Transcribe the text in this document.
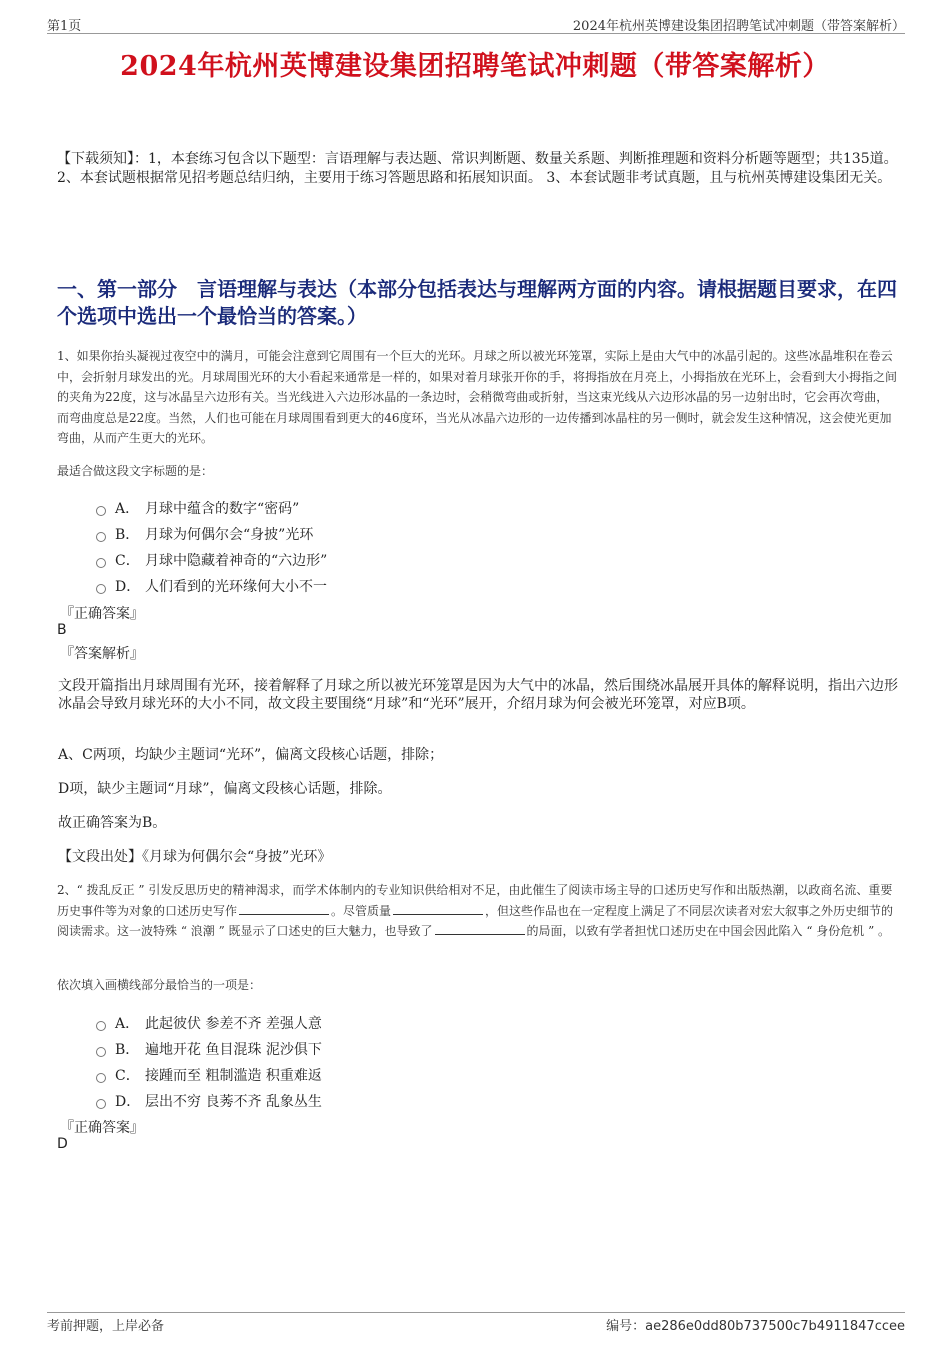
第1页	2024年杭州英博建设集团招聘笔试冲刺题（带答案解析）
2024年杭州英博建设集团招聘笔试冲刺题（带答案解析）

【下载须知】：1，本套练习包含以下题型：言语理解与表达题、常识判断题、数量关系题、判断推理题和资料分析题等题型；共135道。 2、本套试题根据常见招考题总结归纳，主要用于练习答题思路和拓展知识面。 3、本套试题非考试真题，且与杭州英博建设集团无关。

一、第一部分　言语理解与表达（本部分包括表达与理解两方面的内容。请根据题目要求，在四个选项中选出一个最恰当的答案。）

1、如果你抬头凝视过夜空中的满月，可能会注意到它周围有一个巨大的光环。月球之所以被光环笼罩，实际上是由大气中的冰晶引起的。这些冰晶堆积在卷云中，会折射月球发出的光。月球周围光环的大小看起来通常是一样的，如果对着月球张开你的手，将拇指放在月亮上，小拇指放在光环上，会看到大小拇指之间的夹角为22度，这与冰晶呈六边形有关。当光线进入六边形冰晶的一条边时，会稍微弯曲或折射，当这束光线从六边形冰晶的另一边射出时，它会再次弯曲，而弯曲度总是22度。当然，人们也可能在月球周围看到更大的46度环，当光从冰晶六边形的一边传播到冰晶柱的另一侧时，就会发生这种情况，这会使光更加弯曲，从而产生更大的光环。

最适合做这段文字标题的是：

A． 月球中蕴含的数字“密码”
B． 月球为何偶尔会“身披”光环
C． 月球中隐藏着神奇的“六边形”
D． 人们看到的光环缘何大小不一
『正确答案』
B
『答案解析』

文段开篇指出月球周围有光环，接着解释了月球之所以被光环笼罩是因为大气中的冰晶，然后围绕冰晶展开具体的解释说明，指出六边形冰晶会导致月球光环的大小不同，故文段主要围绕“月球”和“光环”展开，介绍月球为何会被光环笼罩，对应B项。

A、C两项，均缺少主题词“光环”，偏离文段核心话题，排除；

D项，缺少主题词“月球”，偏离文段核心话题，排除。

故正确答案为B。

【文段出处】《月球为何偶尔会“身披”光环》

2、“ 拨乱反正 ” 引发反思历史的精神渴求，而学术体制内的专业知识供给相对不足，由此催生了阅读市场主导的口述历史写作和出版热潮，以政商名流、重要历史事件等为对象的口述历史写作	。尽管质量	，但这些作品也在一定程度上满足了不同层次读者对宏大叙事之外历史细节的阅读需求。这一波特殊 “ 浪潮 ” 既显示了口述史的巨大魅力，也导致了	的局面，以致有学者担忧口述历史在中国会因此陷入 “ 身份危机 ” 。

依次填入画横线部分最恰当的一项是：

A． 此起彼伏 参差不齐 差强人意
B． 遍地开花 鱼目混珠 泥沙俱下
C． 接踵而至 粗制滥造 积重难返
D． 层出不穷 良莠不齐 乱象丛生
『正确答案』
D
考前押题，上岸必备	编号：ae286e0dd80b737500c7b4911847ccee
